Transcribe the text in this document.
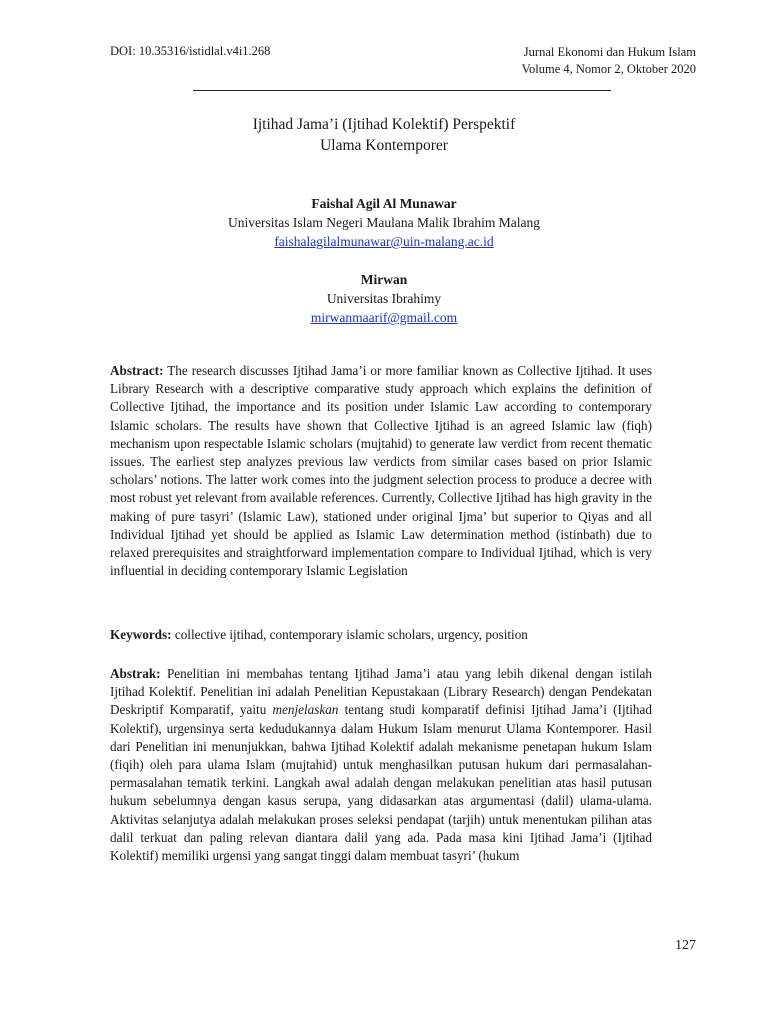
DOI: 10.35316/istidlal.v4i1.268	Jurnal Ekonomi dan Hukum Islam
Volume 4, Nomor 2, Oktober 2020
Ijtihad Jama’i (Ijtihad Kolektif) Perspektif
Ulama Kontemporer
Faishal Agil Al Munawar
Universitas Islam Negeri Maulana Malik Ibrahim Malang
faishalagilalmunawar@uin-malang.ac.id
Mirwan
Universitas Ibrahimy
mirwanmaarif@gmail.com

Abstract: The research discusses Ijtihad Jama’i or more familiar known as Collective Ijtihad. It uses Library Research with a descriptive comparative study approach which explains the definition of Collective Ijtihad, the importance and its position under Islamic Law according to contemporary Islamic scholars. The results have shown that Collective Ijtihad is an agreed Islamic law (fiqh) mechanism upon respectable Islamic scholars (mujtahid) to generate law verdict from recent thematic issues. The earliest step analyzes previous law verdicts from similar cases based on prior Islamic scholars’ notions. The latter work comes into the judgment selection process to produce a decree with most robust yet relevant from available references. Currently, Collective Ijtihad has high gravity in the making of pure tasyri’ (Islamic Law), stationed under original Ijma’ but superior to Qiyas and all Individual Ijtihad yet should be applied as Islamic Law determination method (istinbath) due to relaxed prerequisites and straightforward implementation compare to Individual Ijtihad, which is very influential in deciding contemporary Islamic Legislation

Keywords: collective ijtihad, contemporary islamic scholars, urgency, position

Abstrak: Penelitian ini membahas tentang Ijtihad Jama’i atau yang lebih dikenal dengan istilah Ijtihad Kolektif. Penelitian ini adalah Penelitian Kepustakaan (Library Research) dengan Pendekatan Deskriptif Komparatif, yaitu menjelaskan tentang studi komparatif definisi Ijtihad Jama’i (Ijtihad Kolektif), urgensinya serta kedudukannya dalam Hukum Islam menurut Ulama Kontemporer. Hasil dari Penelitian ini menunjukkan, bahwa Ijtihad Kolektif adalah mekanisme penetapan hukum Islam (fiqih) oleh para ulama Islam (mujtahid) untuk menghasilkan putusan hukum dari permasalahan-permasalahan tematik terkini. Langkah awal adalah dengan melakukan penelitian atas hasil putusan hukum sebelumnya dengan kasus serupa, yang didasarkan atas argumentasi (dalil) ulama-ulama. Aktivitas selanjutya adalah melakukan proses seleksi pendapat (tarjih) untuk menentukan pilihan atas dalil terkuat dan paling relevan diantara dalil yang ada. Pada masa kini Ijtihad Jama’i (Ijtihad Kolektif) memiliki urgensi yang sangat tinggi dalam membuat tasyri’ (hukum

127
